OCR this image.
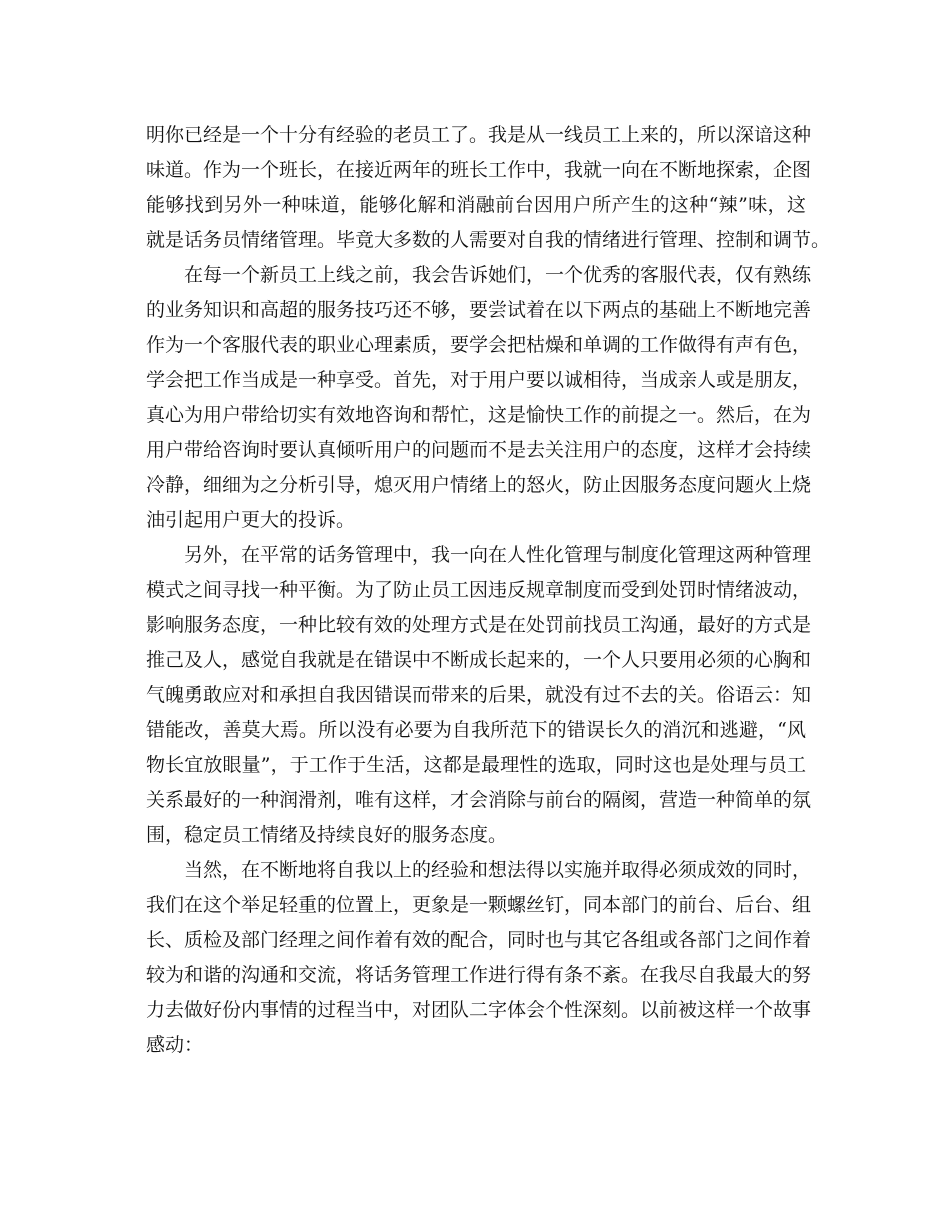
明你已经是一个十分有经验的老员工了。我是从一线员工上来的，所以深谙这种
味道。作为一个班长，在接近两年的班长工作中，我就一向在不断地探索，企图
能够找到另外一种味道，能够化解和消融前台因用户所产生的这种“辣”味，这
就是话务员情绪管理。毕竟大多数的人需要对自我的情绪进行管理、控制和调节。
在每一个新员工上线之前，我会告诉她们，一个优秀的客服代表，仅有熟练
的业务知识和高超的服务技巧还不够，要尝试着在以下两点的基础上不断地完善
作为一个客服代表的职业心理素质，要学会把枯燥和单调的工作做得有声有色，
学会把工作当成是一种享受。首先，对于用户要以诚相待，当成亲人或是朋友，
真心为用户带给切实有效地咨询和帮忙，这是愉快工作的前提之一。然后，在为
用户带给咨询时要认真倾听用户的问题而不是去关注用户的态度，这样才会持续
冷静，细细为之分析引导，熄灭用户情绪上的怒火，防止因服务态度问题火上烧
油引起用户更大的投诉。
另外，在平常的话务管理中，我一向在人性化管理与制度化管理这两种管理
模式之间寻找一种平衡。为了防止员工因违反规章制度而受到处罚时情绪波动，
影响服务态度，一种比较有效的处理方式是在处罚前找员工沟通，最好的方式是
推己及人，感觉自我就是在错误中不断成长起来的，一个人只要用必须的心胸和
气魄勇敢应对和承担自我因错误而带来的后果，就没有过不去的关。俗语云：知
错能改，善莫大焉。所以没有必要为自我所范下的错误长久的消沉和逃避，“风
物长宜放眼量”，于工作于生活，这都是最理性的选取，同时这也是处理与员工
关系最好的一种润滑剂，唯有这样，才会消除与前台的隔阂，营造一种简单的氛
围，稳定员工情绪及持续良好的服务态度。
当然，在不断地将自我以上的经验和想法得以实施并取得必须成效的同时，
我们在这个举足轻重的位置上，更象是一颗螺丝钉，同本部门的前台、后台、组
长、质检及部门经理之间作着有效的配合，同时也与其它各组或各部门之间作着
较为和谐的沟通和交流，将话务管理工作进行得有条不紊。在我尽自我最大的努
力去做好份内事情的过程当中，对团队二字体会个性深刻。以前被这样一个故事
感动：
